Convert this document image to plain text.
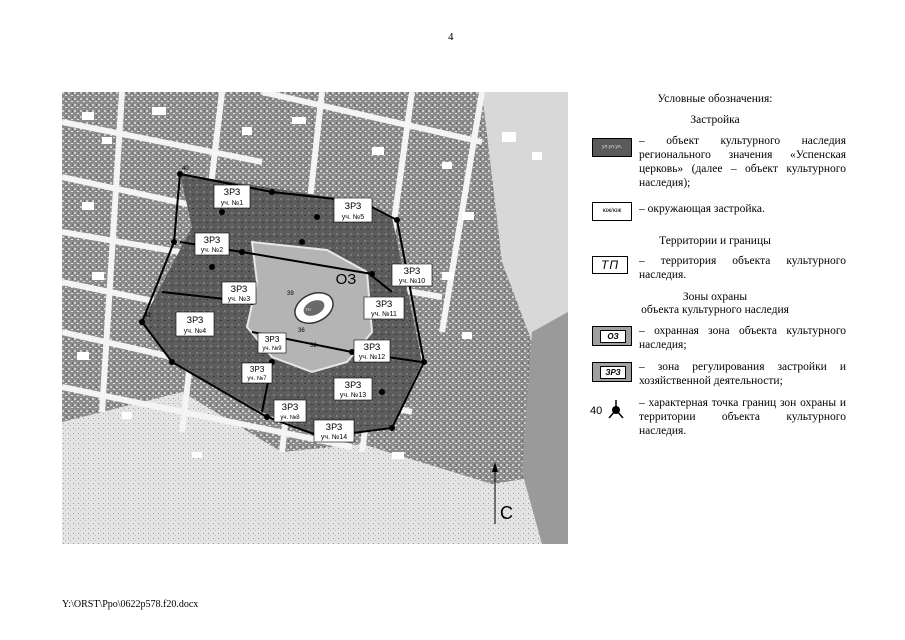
4
ЗРЗ
уч. №1
ЗРЗ
уч. №2
ЗРЗ
уч. №3
ЗРЗ
уч. №4
ЗРЗ
уч. №5
ЗРЗ
уч. №10
ЗРЗ
уч. №11
ЗРЗ
уч. №12
ЗРЗ
уч. №9
ЗРЗ
уч. №7
ЗРЗ
уч. №8
ЗРЗ
уч. №13
ЗРЗ
уч. №14
ОЗ
ТП
40
43
39
36
32
С
Условные обозначения:
Застройка
ул.ул.ул.	– объект культурного наследия регионального значения «Успенская церковь» (далее – объект культурного наследия);
юж/юж	– окружающая застройка.
Территории и границы
ТП	– территория объекта культурного наследия.
Зоны охраны
объекта культурного наследия
ОЗ	– охранная зона объекта культурного наследия;
ЗРЗ	– зона регулирования застройки и хозяйственной деятельности;
40
– характерная точка границ зон охраны и территории объекта культурного наследия.
Y:\ORST\Ppo\0622p578.f20.docx
